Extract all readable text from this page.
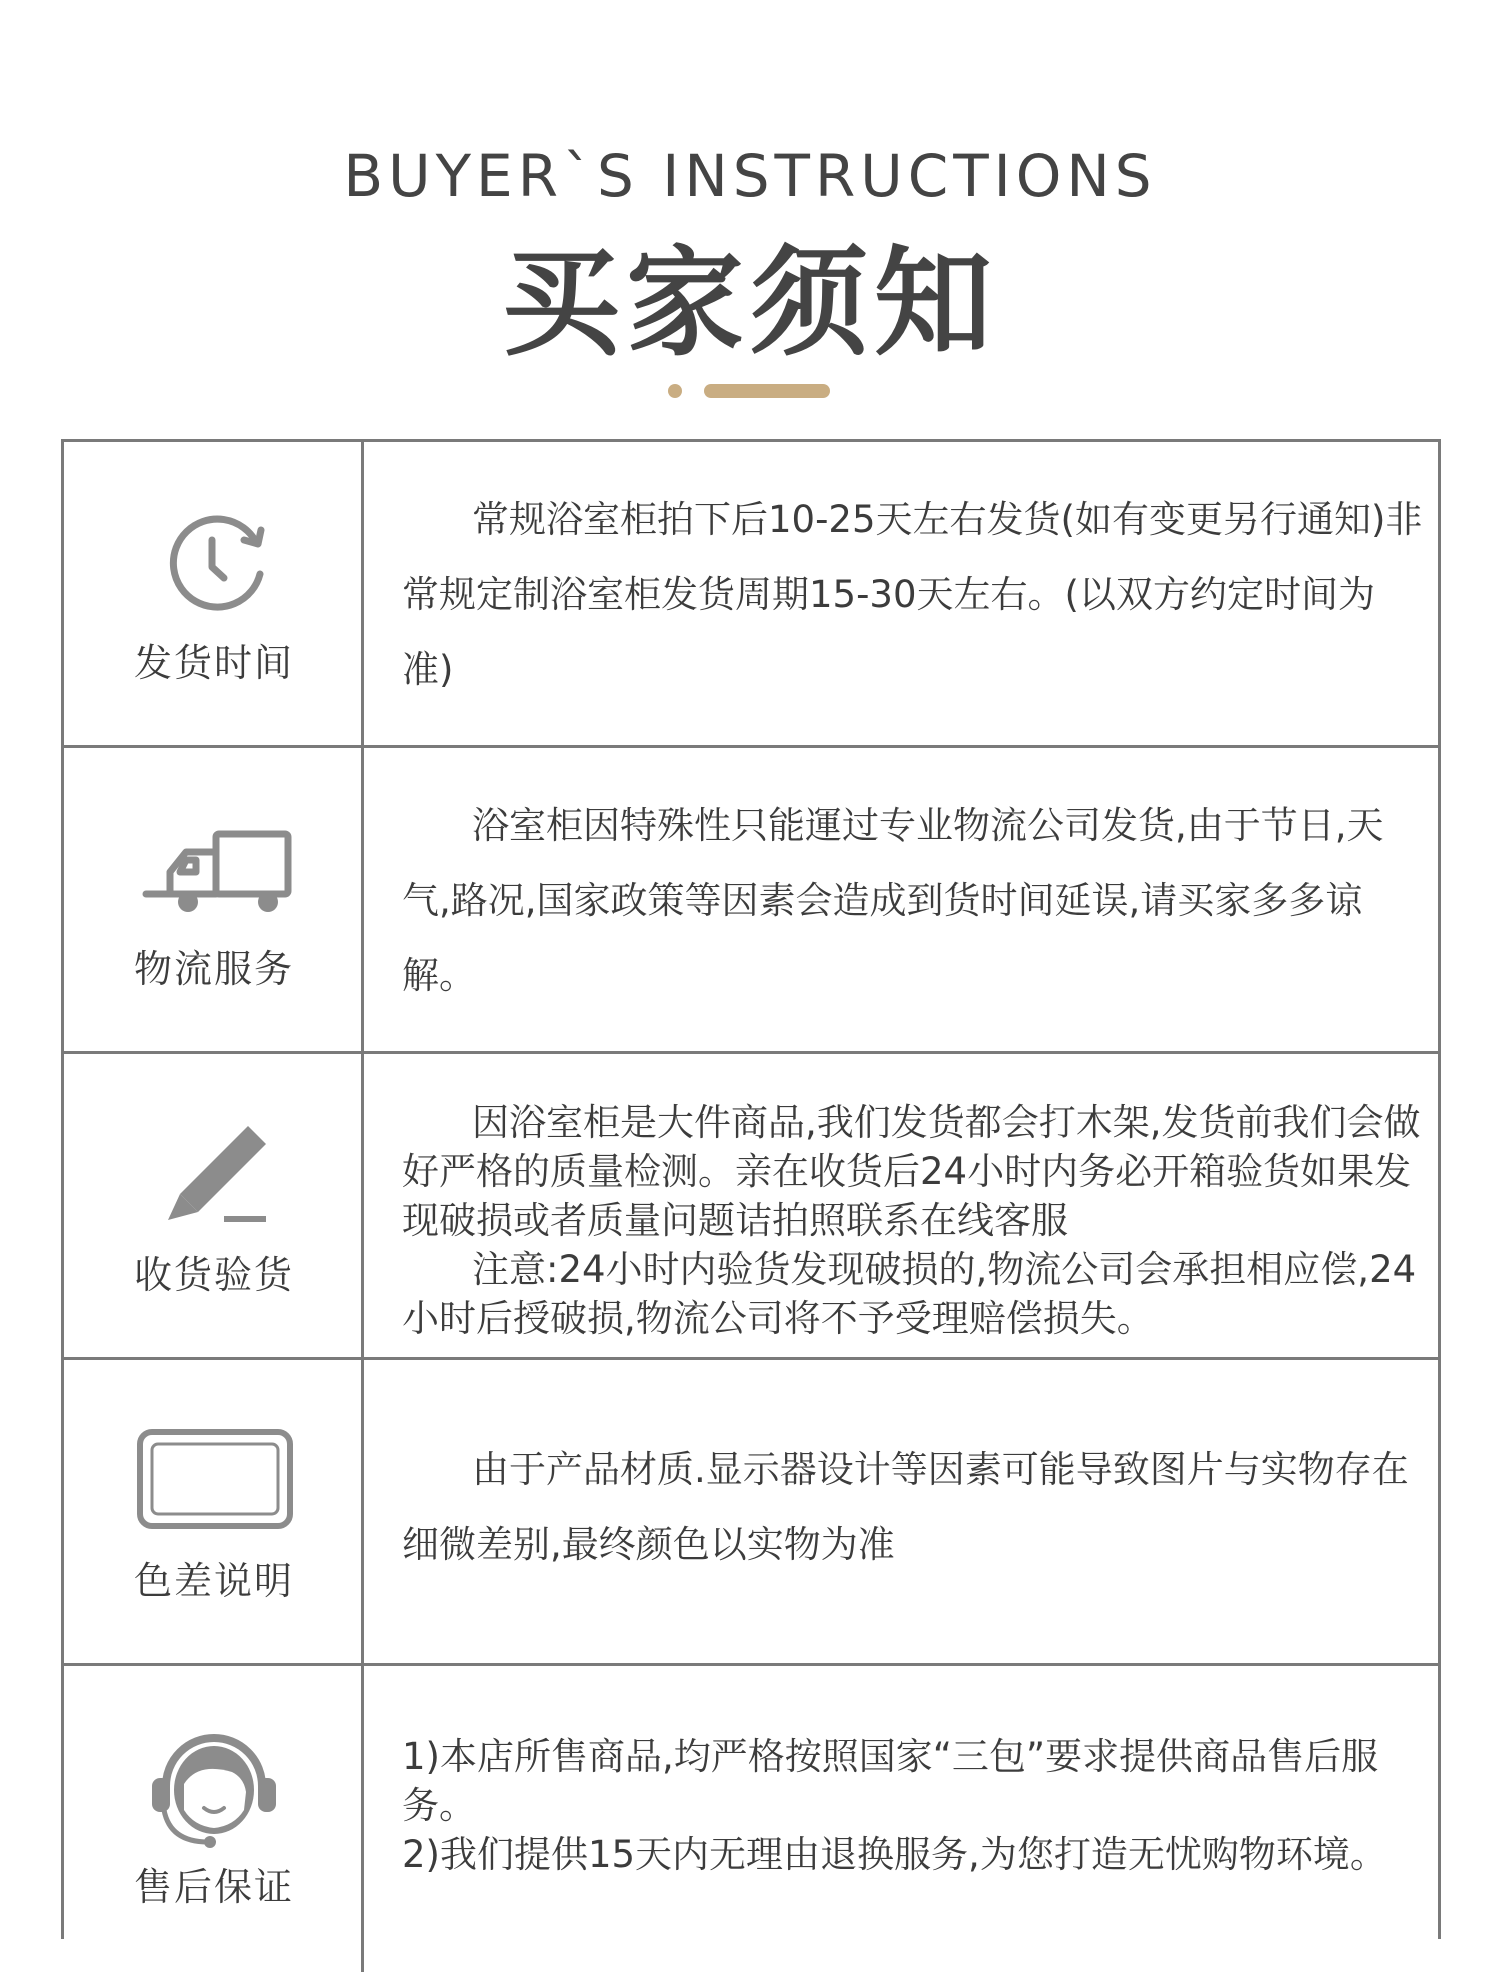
BUYER`S INSTRUCTIONS
买家须知
发货时间

常规浴室柜拍下后10-25天左右发货(如有变更另行通知)非常规定制浴室柜发货周期15-30天左右。(以双方约定时间为准)

物流服务

浴室柜因特殊性只能運过专业物流公司发货,由于节日,天气,路况,国家政策等因素会造成到货时间延误,请买家多多谅解。

收货验货

因浴室柜是大件商品,我们发货都会打木架,发货前我们会做好严格的质量检测。亲在收货后24小时内务必开箱验货如果发现破损或者质量问题诘拍照联系在线客服

注意:24小时内验货发现破损的,物流公司会承担相应偿,24小时后授破损,物流公司将不予受理赔偿损失。

色差说明

由于产品材质.显示器设计等因素可能导致图片与实物存在细微差别,最终颜色以实物为准

售后保证

1)本店所售商品,均严格按照国家“三包”要求提供商品售后服务。

2)我们提供15天内无理由退换服务,为您打造无忧购物环境。
